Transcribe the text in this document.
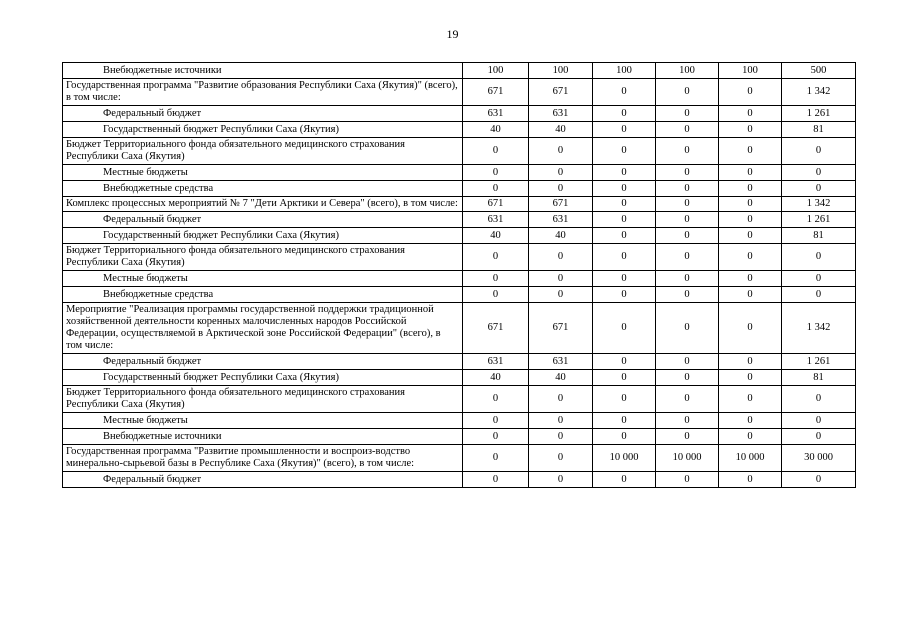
19
Внебюджетные источники	100	100	100	100	100	500
Государственная программа "Развитие образования Республики Саха (Якутия)" (всего), в том числе:	671	671	0	0	0	1 342
Федеральный бюджет	631	631	0	0	0	1 261
Государственный бюджет Республики Саха (Якутия)	40	40	0	0	0	81
Бюджет Территориального фонда обязательного медицинского страхования Республики Саха (Якутия)	0	0	0	0	0	0
Местные бюджеты	0	0	0	0	0	0
Внебюджетные средства	0	0	0	0	0	0
Комплекс процессных мероприятий № 7 "Дети Арктики и Севера" (всего), в том числе:	671	671	0	0	0	1 342
Федеральный бюджет	631	631	0	0	0	1 261
Государственный бюджет Республики Саха (Якутия)	40	40	0	0	0	81
Бюджет Территориального фонда обязательного медицинского страхования Республики Саха (Якутия)	0	0	0	0	0	0
Местные бюджеты	0	0	0	0	0	0
Внебюджетные средства	0	0	0	0	0	0
Мероприятие "Реализация программы государственной поддержки традиционной хозяйственной деятельности коренных малочисленных народов Российской Федерации, осуществляемой в Арктической зоне Российской Федерации" (всего), в том числе:	671	671	0	0	0	1 342
Федеральный бюджет	631	631	0	0	0	1 261
Государственный бюджет Республики Саха (Якутия)	40	40	0	0	0	81
Бюджет Территориального фонда обязательного медицинского страхования Республики Саха (Якутия)	0	0	0	0	0	0
Местные бюджеты	0	0	0	0	0	0
Внебюджетные источники	0	0	0	0	0	0
Государственная программа "Развитие промышленности и воспроиз-водство минерально-сырьевой базы в Республике Саха (Якутия)" (всего), в том числе:	0	0	10 000	10 000	10 000	30 000
Федеральный бюджет	0	0	0	0	0	0
